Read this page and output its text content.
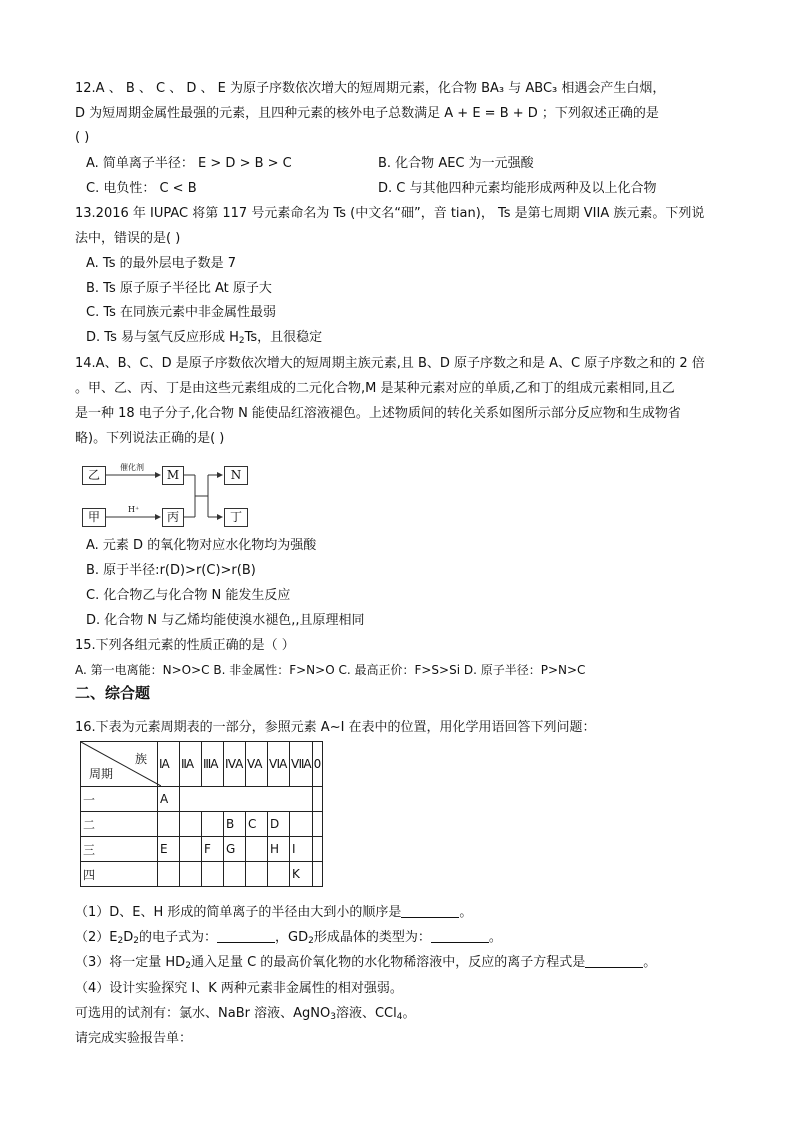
12.A 、 B 、 C 、 D 、 E 为原子序数依次增大的短周期元素，化合物 BA₃ 与 ABC₃ 相遇会产生白烟，
D 为短周期金属性最强的元素，且四种元素的核外电子总数满足 A + E = B + D ；下列叙述正确的是
( )
A. 简单离子半径： E > D > B > C	B. 化合物 AEC 为一元强酸
C. 电负性： C < B	D. C 与其他四种元素均能形成两种及以上化合物
13.2016 年 IUPAC 将第 117 号元素命名为 Ts (中文名“鿬”，音 tian)， Ts 是第七周期 VIIA 族元素。下列说
法中，错误的是( )
A. Ts 的最外层电子数是 7
B. Ts 原子原子半径比 At 原子大
C. Ts 在同族元素中非金属性最弱
D. Ts 易与氢气反应形成 $H_2Ts$，且很稳定
14.A、B、C、D 是原子序数依次增大的短周期主族元素,且 B、D 原子序数之和是 A、C 原子序数之和的 2 倍
。甲、乙、丙、丁是由这些元素组成的二元化合物,M 是某种元素对应的单质,乙和丁的组成元素相同,且乙
是一种 18 电子分子,化合物 N 能使品红溶液褪色。上述物质间的转化关系如图所示部分反应物和生成物省
略)。下列说法正确的是( )
乙	M	N
甲	丙	丁
催化剂
H⁺
A. 元素 D 的氧化物对应水化物均为强酸
B. 原于半径:r(D)>r(C)>r(B)
C. 化合物乙与化合物 N 能发生反应
D. 化合物 N 与乙烯均能使溴水褪色,,且原理相同
15.下列各组元素的性质正确的是（ ）
A. 第一电离能：N>O>C B. 非金属性：F>N>O C. 最高正价：F>S>Si D. 原子半径：P>N>C
二、综合题
16.下表为元素周期表的一部分，参照元素 A~I 在表中的位置，用化学用语回答下列问题：
族
周期	ⅠA	ⅡA	ⅢA	ⅣA	ⅤA	ⅥA	ⅦA	0
一	A							
二				B	C	D		
三	E		F	G		H	I	
四							K	
（1）D、E、H 形成的简单离子的半径由大到小的顺序是	。
$(2)E_2D_2$的电子式为：	，$GD_2$形成晶体的类型为：	。
（3）将一定量 $HD_2$通入足量 C 的最高价氧化物的水化物稀溶液中，反应的离子方程式是	。
（4）设计实验探究 I、K 两种元素非金属性的相对强弱。
可选用的试剂有：氯水、NaBr 溶液、AgNO$_3$溶液、CCl$_4$。
请完成实验报告单：
